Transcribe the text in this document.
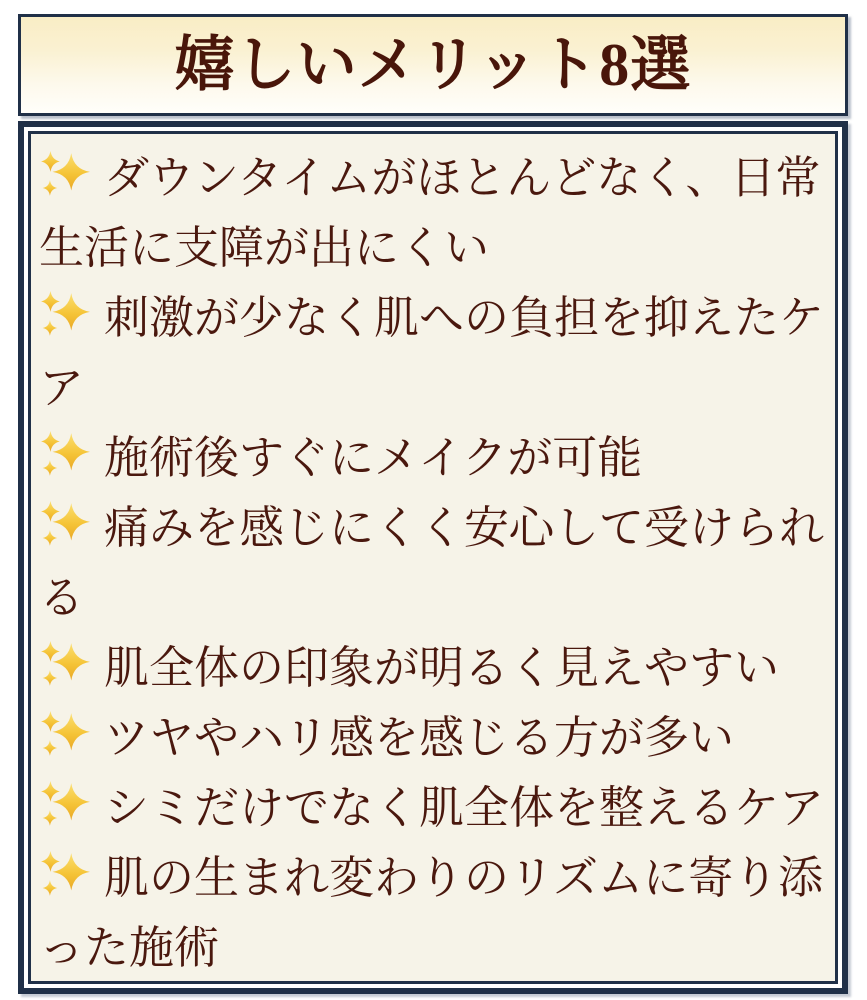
嬉しいメリット8選
ダウンタイムがほとんどなく、日常生活に支障が出にくい
刺激が少なく肌への負担を抑えたケア
施術後すぐにメイクが可能
痛みを感じにくく安心して受けられる
肌全体の印象が明るく見えやすい
ツヤやハリ感を感じる方が多い
シミだけでなく肌全体を整えるケア
肌の生まれ変わりのリズムに寄り添った施術
